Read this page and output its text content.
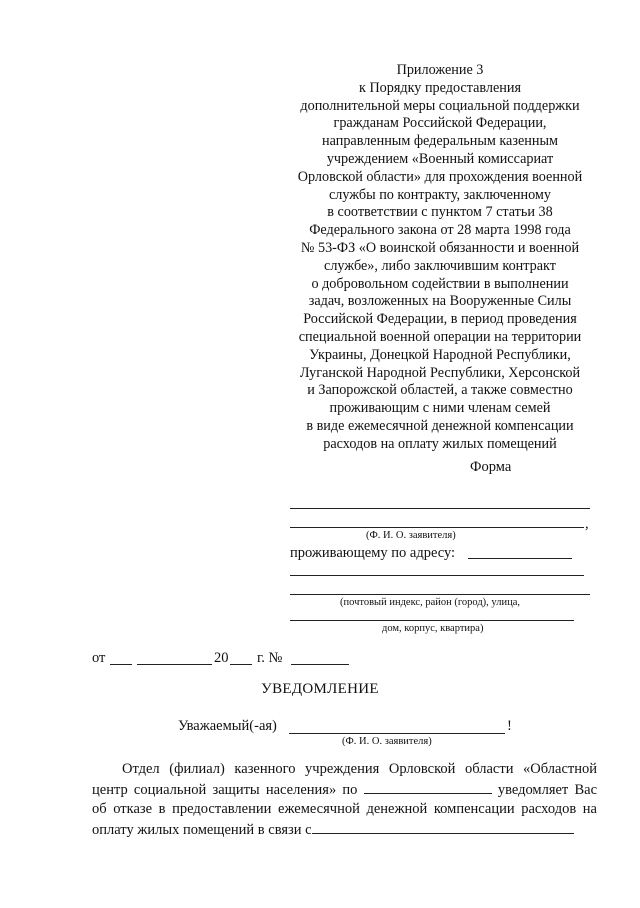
Приложение 3
к Порядку предоставления
дополнительной меры социальной поддержки
гражданам Российской Федерации,
направленным федеральным казенным
учреждением «Военный комиссариат
Орловской области» для прохождения военной
службы по контракту, заключенному
в соответствии с пунктом 7 статьи 38
Федерального закона от 28 марта 1998 года
№ 53-ФЗ «О воинской обязанности и военной
службе», либо заключившим контракт
о добровольном содействии в выполнении
задач, возложенных на Вооруженные Силы
Российской Федерации, в период проведения
специальной военной операции на территории
Украины, Донецкой Народной Республики,
Луганской Народной Республики, Херсонской
и Запорожской областей, а также совместно
проживающим с ними членам семей
в виде ежемесячной денежной компенсации
расходов на оплату жилых помещений
Форма
,
(Ф. И. О. заявителя)
проживающему по адресу:
(почтовый индекс, район (город), улица,
дом, корпус, квартира)
от	20 г. №
УВЕДОМЛЕНИЕ
Уважаемый(-ая)	!
(Ф. И. О. заявителя)
Отдел (филиал) казенного учреждения Орловской области «Областной центр социальной защиты населения» по	уведомляет Вас об отказе в предоставлении ежемесячной денежной компенсации расходов на оплату жилых помещений в связи с
